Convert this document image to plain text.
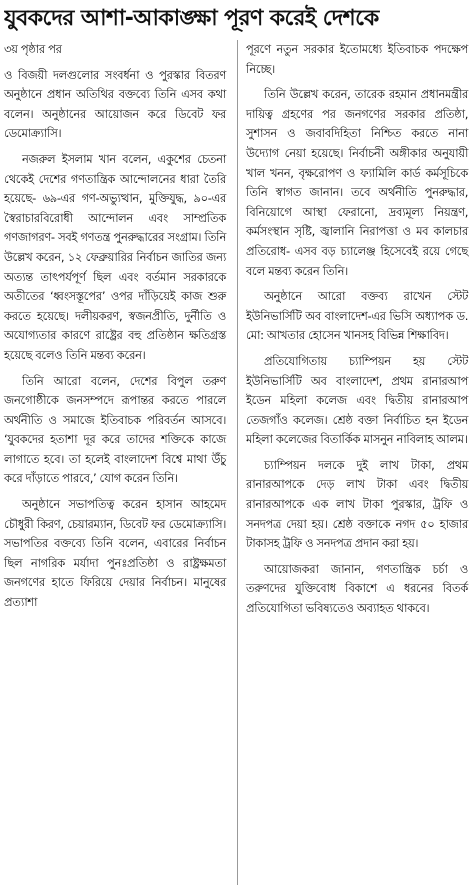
যুবকদের আশা-আকাঙ্ক্ষা পূরণ করেই দেশকে

৩য় পৃষ্ঠার পর

ও বিজয়ী দলগুলোর সংবর্ধনা ও পুরস্কার বিতরণ অনুষ্ঠানে প্রধান অতিথির বক্তব্যে তিনি এসব কথা বলেন। অনুষ্ঠানের আয়োজন করে ডিবেট ফর ডেমোক্র্যাসি।

নজরুল ইসলাম খান বলেন, একুশের চেতনা থেকেই দেশের গণতান্ত্রিক আন্দোলনের ধারা তৈরি হয়েছে- ৬৯-এর গণ-অভ্যুত্থান, মুক্তিযুদ্ধ, ৯০-এর স্বৈরাচারবিরোধী আন্দোলন এবং সাম্প্রতিক গণজাগরণ- সবই গণতন্ত্র পুনরুদ্ধারের সংগ্রাম। তিনি উল্লেখ করেন, ১২ ফেব্রুয়ারির নির্বাচন জাতির জন্য অত্যন্ত তাৎপর্যপূর্ণ ছিল এবং বর্তমান সরকারকে অতীতের ‘ধ্বংসস্তূপের’ ওপর দাঁড়িয়েই কাজ শুরু করতে হয়েছে। দলীয়করণ, স্বজনপ্রীতি, দুর্নীতি ও অযোগ্যতার কারণে রাষ্ট্রের বহু প্রতিষ্ঠান ক্ষতিগ্রস্ত হয়েছে বলেও তিনি মন্তব্য করেন।

তিনি আরো বলেন, দেশের বিপুল তরুণ জনগোষ্ঠীকে জনসম্পদে রূপান্তর করতে পারলে অর্থনীতি ও সমাজে ইতিবাচক পরিবর্তন আসবে। ‘যুবকদের হতাশা দূর করে তাদের শক্তিকে কাজে লাগাতে হবে। তা হলেই বাংলাদেশ বিশ্বে মাথা উঁচু করে দাঁড়াতে পারবে,’ যোগ করেন তিনি।

অনুষ্ঠানে সভাপতিত্ব করেন হাসান আহমেদ চৌধুরী কিরণ, চেয়ারম্যান, ডিবেট ফর ডেমোক্র্যাসি। সভাপতির বক্তব্যে তিনি বলেন, এবারের নির্বাচন ছিল নাগরিক মর্যাদা পুনঃপ্রতিষ্ঠা ও রাষ্ট্রক্ষমতা জনগণের হাতে ফিরিয়ে দেয়ার নির্বাচন। মানুষের প্রত্যাশা

পূরণে নতুন সরকার ইতোমধ্যে ইতিবাচক পদক্ষেপ নিচ্ছে।

তিনি উল্লেখ করেন, তারেক রহমান প্রধানমন্ত্রীর দায়িত্ব গ্রহণের পর জনগণের সরকার প্রতিষ্ঠা, সুশাসন ও জবাবদিহিতা নিশ্চিত করতে নানা উদ্যোগ নেয়া হয়েছে। নির্বাচনী অঙ্গীকার অনুযায়ী খাল খনন, বৃক্ষরোপণ ও ফ্যামিলি কার্ড কর্মসূচিকে তিনি স্বাগত জানান। তবে অর্থনীতি পুনরুদ্ধার, বিনিয়োগে আস্থা ফেরানো, দ্রব্যমূল্য নিয়ন্ত্রণ, কর্মসংস্থান সৃষ্টি, জ্বালানি নিরাপত্তা ও মব কালচার প্রতিরোধ- এসব বড় চ্যালেঞ্জ হিসেবেই রয়ে গেছে বলে মন্তব্য করেন তিনি।

অনুষ্ঠানে আরো বক্তব্য রাখেন স্টেট ইউনিভার্সিটি অব বাংলাদেশ-এর ভিসি অধ্যাপক ড. মো: আখতার হোসেন খানসহ বিভিন্ন শিক্ষাবিদ।

প্রতিযোগিতায় চ্যাম্পিয়ন হয় স্টেট ইউনিভার্সিটি অব বাংলাদেশ, প্রথম রানারআপ ইডেন মহিলা কলেজ এবং দ্বিতীয় রানারআপ তেজগাঁও কলেজ। শ্রেষ্ঠ বক্তা নির্বাচিত হন ইডেন মহিলা কলেজের বিতার্কিক মাসনুন নাবিলাহ আলম।

চ্যাম্পিয়ন দলকে দুই লাখ টাকা, প্রথম রানারআপকে দেড় লাখ টাকা এবং দ্বিতীয় রানারআপকে এক লাখ টাকা পুরস্কার, ট্রফি ও সনদপত্র দেয়া হয়। শ্রেষ্ঠ বক্তাকে নগদ ৫০ হাজার টাকাসহ ট্রফি ও সনদপত্র প্রদান করা হয়।

আয়োজকরা জানান, গণতান্ত্রিক চর্চা ও তরুণদের যুক্তিবোধ বিকাশে এ ধরনের বিতর্ক প্রতিযোগিতা ভবিষ্যতেও অব্যাহত থাকবে।
